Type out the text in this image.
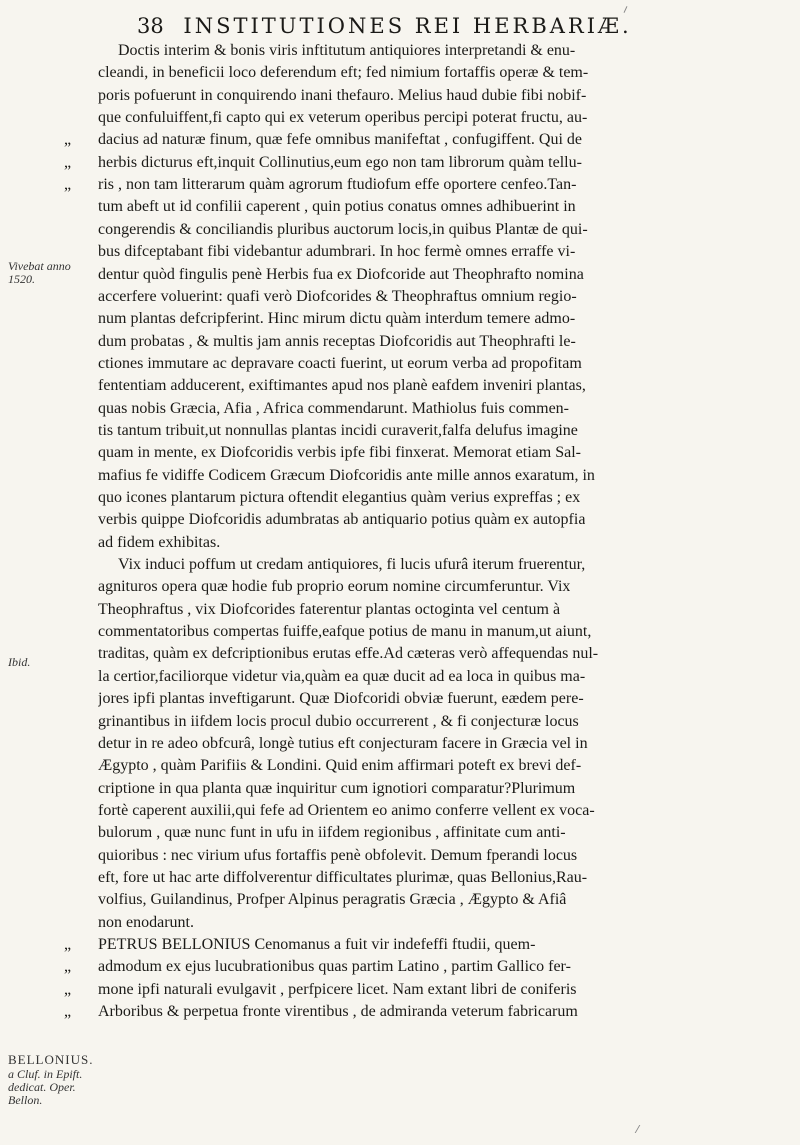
38 INSTITUTIONES REI HERBARIÆ.
Vivebat anno 1520.
Ibid.
BELLONIUS.
a Cluf. in Epift. dedicat. Oper. Bellon.
Doctis interim & bonis viris inftitutum antiquiores interpretandi & enu-
cleandi, in beneficii loco deferendum eft; fed nimium fortaffis operæ & tem-
poris pofuerunt in conquirendo inani thefauro. Melius haud dubie fibi nobif-
que confuluiffent,fi capto qui ex veterum operibus percipi poterat fructu, au-
„ dacius ad naturæ finum, quæ fefe omnibus manifeftat , confugiffent. Qui de
„ herbis dicturus eft,inquit Collinutius,eum ego non tam librorum quàm tellu-
„ ris , non tam litterarum quàm agrorum ftudiofum effe oportere cenfeo.Tan-
tum abeft ut id confilii caperent , quin potius conatus omnes adhibuerint in
congerendis & conciliandis pluribus auctorum locis,in quibus Plantæ de qui-
bus difceptabant fibi videbantur adumbrari. In hoc fermè omnes erraffe vi-
dentur quòd fingulis penè Herbis fua ex Diofcoride aut Theophrafto nomina
accerfere voluerint: quafi verò Diofcorides & Theophraftus omnium regio-
num plantas defcripferint. Hinc mirum dictu quàm interdum temere admo-
dum probatas , & multis jam annis receptas Diofcoridis aut Theophrafti le-
ctiones immutare ac depravare coacti fuerint, ut eorum verba ad propofitam
fententiam adducerent, exiftimantes apud nos planè eafdem inveniri plantas,
quas nobis Græcia, Afia , Africa commendarunt. Mathiolus fuis commen-
tis tantum tribuit,ut nonnullas plantas incidi curaverit,falfa delufus imagine
quam in mente, ex Diofcoridis verbis ipfe fibi finxerat. Memorat etiam Sal-
mafius fe vidiffe Codicem Græcum Diofcoridis ante mille annos exaratum, in
quo icones plantarum pictura oftendit elegantius quàm verius expreffas ; ex
verbis quippe Diofcoridis adumbratas ab antiquario potius quàm ex autopfia
ad fidem exhibitas.
Vix induci poffum ut credam antiquiores, fi lucis ufurâ iterum fruerentur,
agnituros opera quæ hodie fub proprio eorum nomine circumferuntur. Vix
Theophraftus , vix Diofcorides faterentur plantas octoginta vel centum à
commentatoribus compertas fuiffe,eafque potius de manu in manum,ut aiunt,
traditas, quàm ex defcriptionibus erutas effe.Ad cæteras verò affequendas nul-
la certior,faciliorque videtur via,quàm ea quæ ducit ad ea loca in quibus ma-
jores ipfi plantas inveftigarunt. Quæ Diofcoridi obviæ fuerunt, eædem pere-
grinantibus in iifdem locis procul dubio occurrerent , & fi conjecturæ locus
detur in re adeo obfcurâ, longè tutius eft conjecturam facere in Græcia vel in
Ægypto , quàm Parifiis & Londini. Quid enim affirmari poteft ex brevi def-
criptione in qua planta quæ inquiritur cum ignotiori comparatur?Plurimum
fortè caperent auxilii,qui fefe ad Orientem eo animo conferre vellent ex voca-
bulorum , quæ nunc funt in ufu in iifdem regionibus , affinitate cum anti-
quioribus : nec virium ufus fortaffis penè obfolevit. Demum fperandi locus
eft, fore ut hac arte diffolverentur difficultates plurimæ, quas Bellonius,Rau-
volfius, Guilandinus, Profper Alpinus peragratis Græcia , Ægypto & Afiâ
non enodarunt.
„ PETRUS BELLONIUS Cenomanus a fuit vir indefeffi ftudii, quem-
„ admodum ex ejus lucubrationibus quas partim Latino , partim Gallico fer-
„ mone ipfi naturali evulgavit , perfpicere licet. Nam extant libri de coniferis
„ Arboribus & perpetua fronte virentibus , de admiranda veterum fabricarum
